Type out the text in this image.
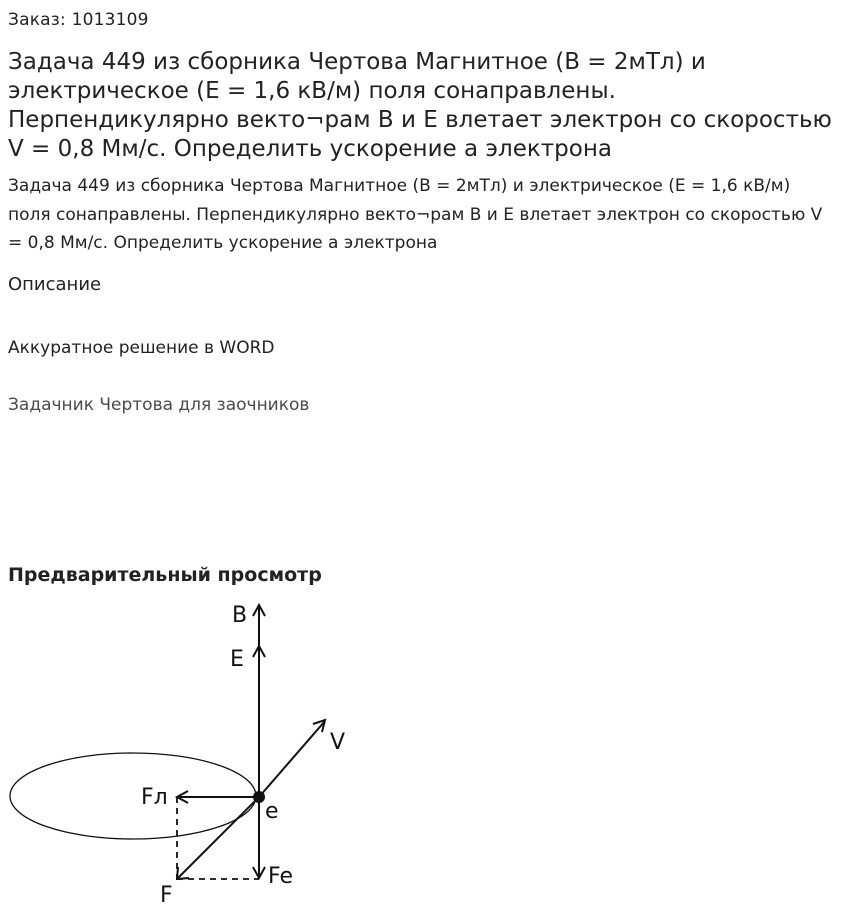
Заказ: 1013109
Задача 449 из сборника Чертова Магнитное (В = 2мТл) и электрическое (Е = 1,6 кВ/м) поля сонаправлены. Перпендикулярно векто¬рам В и Е влетает электрон со скоростью V = 0,8 Мм/с. Определить ускорение а электрона

Задача 449 из сборника Чертова Магнитное (В = 2мТл) и электрическое (Е = 1,6 кВ/м) поля сонаправлены. Перпендикулярно векто¬рам В и Е влетает электрон со скоростью V = 0,8 Мм/с. Определить ускорение а электрона

Описание
Аккуратное решение в WORD
Задачник Чертова для заочников
Предварительный просмотр
B
E
V
Fл
e
Fe
F
